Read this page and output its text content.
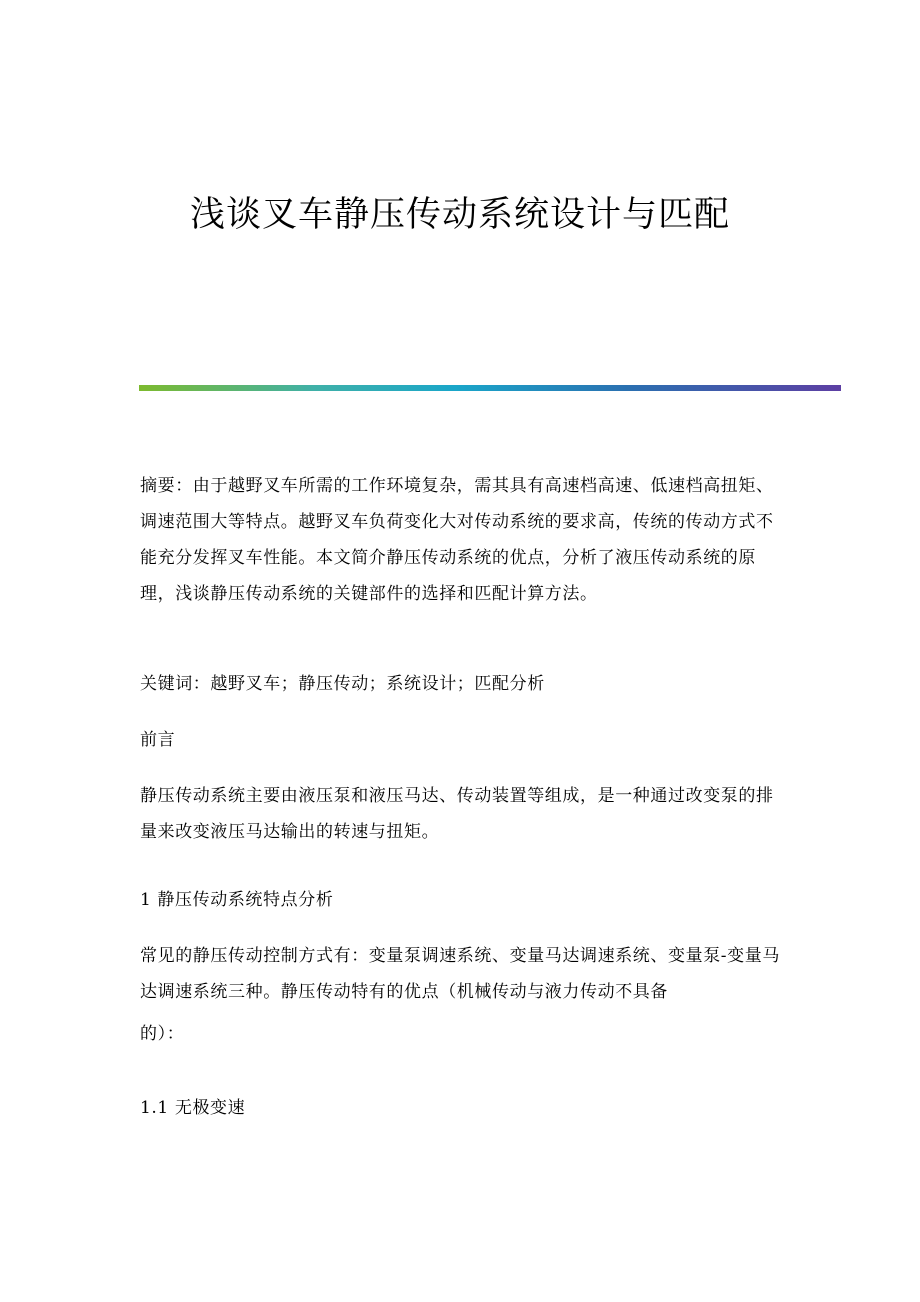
浅谈叉车静压传动系统设计与匹配

摘要：由于越野叉车所需的工作环境复杂，需其具有高速档高速、低速档高扭矩、调速范围大等特点。越野叉车负荷变化大对传动系统的要求高，传统的传动方式不能充分发挥叉车性能。本文简介静压传动系统的优点，分析了液压传动系统的原理，浅谈静压传动系统的关键部件的选择和匹配计算方法。

关键词：越野叉车；静压传动；系统设计；匹配分析

前言

静压传动系统主要由液压泵和液压马达、传动装置等组成，是一种通过改变泵的排量来改变液压马达输出的转速与扭矩。

1 静压传动系统特点分析

常见的静压传动控制方式有：变量泵调速系统、变量马达调速系统、变量泵-变量马达调速系统三种。静压传动特有的优点（机械传动与液力传动不具备
的）：

1.1 无极变速
